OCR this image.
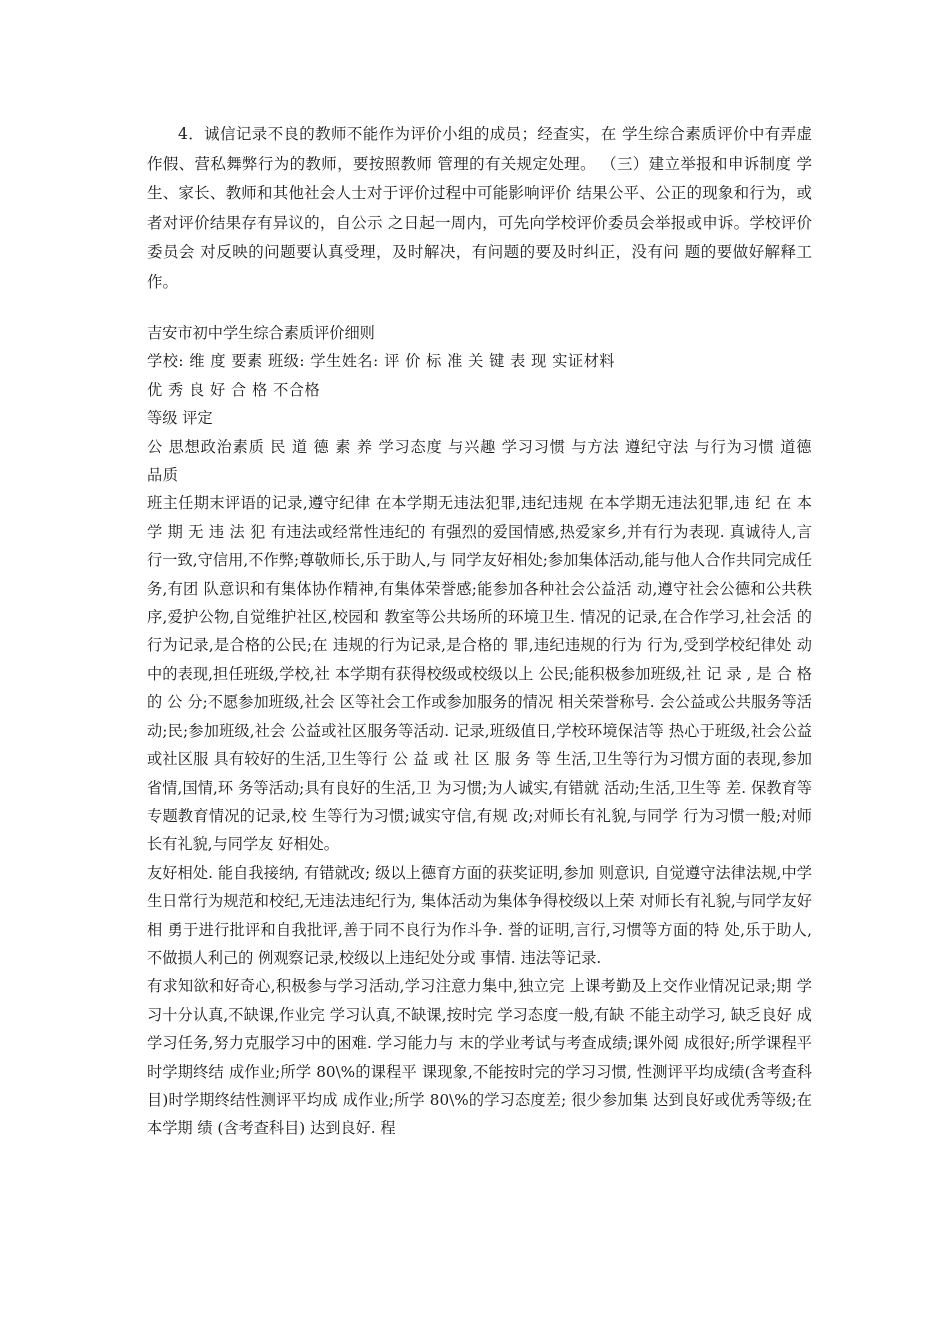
4．诚信记录不良的教师不能作为评价小组的成员；经查实，在 学生综合素质评价中有弄虚作假、营私舞弊行为的教师，要按照教师 管理的有关规定处理。 （三）建立举报和申诉制度 学生、家长、教师和其他社会人士对于评价过程中可能影响评价 结果公平、公正的现象和行为，或者对评价结果存有异议的，自公示 之日起一周内，可先向学校评价委员会举报或申诉。学校评价委员会 对反映的问题要认真受理，及时解决，有问题的要及时纠正，没有问 题的要做好解释工作。

吉安市初中学生综合素质评价细则

学校: 维 度 要素 班级: 学生姓名: 评 价 标 准 关 键 表 现 实证材料

优 秀 良 好 合 格 不合格

等级 评定

公 思想政治素质 民 道 德 素 养 学习态度 与兴趣 学习习惯 与方法 遵纪守法 与行为习惯 道德品质

班主任期末评语的记录,遵守纪律 在本学期无违法犯罪,违纪违规 在本学期无违法犯罪,违 纪 在 本 学 期 无 违 法 犯 有违法或经常性违纪的 有强烈的爱国情感,热爱家乡,并有行为表现. 真诚待人,言行一致,守信用,不作弊;尊敬师长,乐于助人,与 同学友好相处;参加集体活动,能与他人合作共同完成任务,有团 队意识和有集体协作精神,有集体荣誉感;能参加各种社会公益活 动,遵守社会公德和公共秩序,爱护公物,自觉维护社区,校园和 教室等公共场所的环境卫生. 情况的记录,在合作学习,社会活 的行为记录,是合格的公民;在 违规的行为记录,是合格的 罪,违纪违规的行为 行为,受到学校纪律处 动中的表现,担任班级,学校,社 本学期有获得校级或校级以上 公民;能积极参加班级,社 记 录 , 是 合 格 的 公 分;不愿参加班级,社会 区等社会工作或参加服务的情况 相关荣誉称号. 会公益或公共服务等活动;民;参加班级,社会 公益或社区服务等活动. 记录,班级值日,学校环境保洁等 热心于班级,社会公益或社区服 具有较好的生活,卫生等行 公 益 或 社 区 服 务 等 生活,卫生等行为习惯方面的表现,参加省情,国情,环 务等活动;具有良好的生活,卫 为习惯;为人诚实,有错就 活动;生活,卫生等 差. 保教育等专题教育情况的记录,校 生等行为习惯;诚实守信,有规 改;对师长有礼貌,与同学 行为习惯一般;对师 长有礼貌,与同学友 好相处。

友好相处. 能自我接纳, 有错就改; 级以上德育方面的获奖证明,参加 则意识, 自觉遵守法律法规,中学生日常行为规范和校纪,无违法违纪行为, 集体活动为集体争得校级以上荣 对师长有礼貌,与同学友好相 勇于进行批评和自我批评,善于同不良行为作斗争. 誉的证明,言行,习惯等方面的特 处,乐于助人,不做损人利己的 例观察记录,校级以上违纪处分或 事情. 违法等记录.

有求知欲和好奇心,积极参与学习活动,学习注意力集中,独立完 上课考勤及上交作业情况记录;期 学习十分认真,不缺课,作业完 学习认真,不缺课,按时完 学习态度一般,有缺 不能主动学习, 缺乏良好 成学习任务,努力克服学习中的困难. 学习能力与 末的学业考试与考查成绩;课外阅 成很好;所学课程平时学期终结 成作业;所学 80\%的课程平 课现象,不能按时完的学习习惯, 性测评平均成绩(含考查科目)时学期终结性测评平均成 成作业;所学 80\%的学习态度差; 很少参加集 达到良好或优秀等级;在本学期 绩 (含考查科目) 达到良好. 程
